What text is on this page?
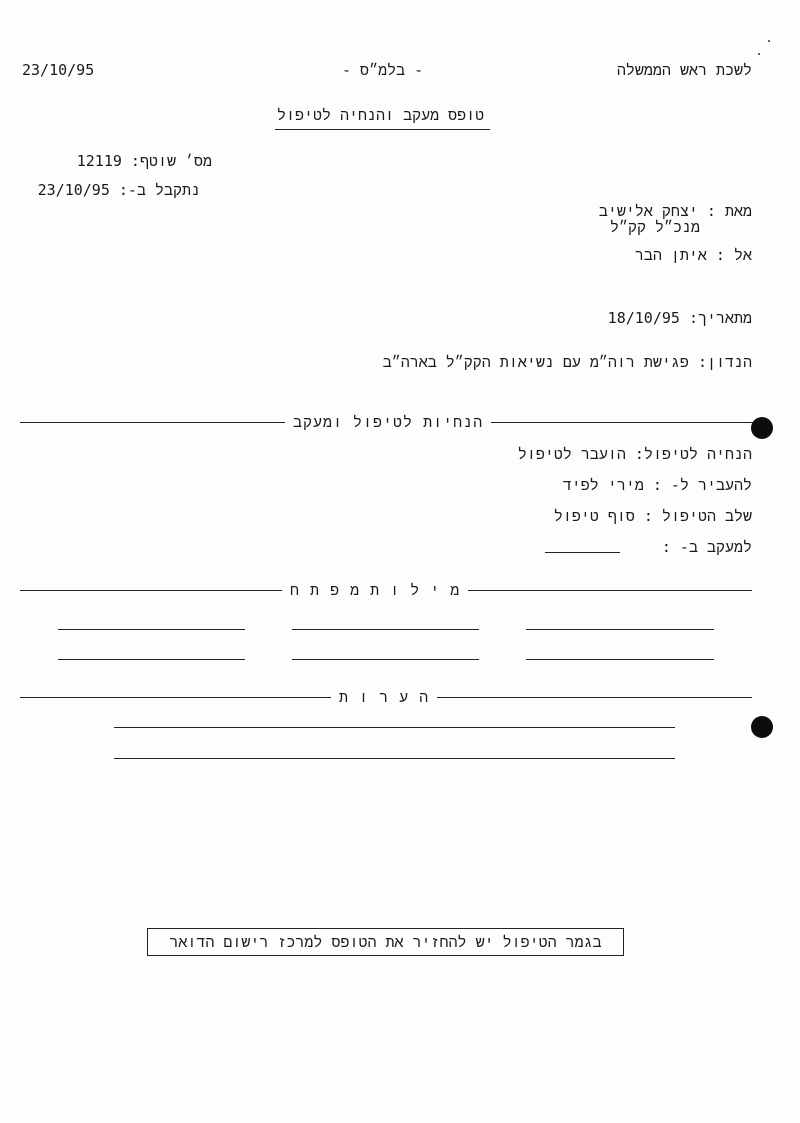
23/10/95	- בלמ״ס -	לשכת ראש הממשלה
טופס מעקב והנחיה לטיפול
מס׳ שוטף: 12119
נתקבל ב-: 23/10/95
מאת : יצחק אלישיב
מנכ״ל קק״ל
אל : איתן הבר
מתאריך: 18/10/95
הנדון: פגישת רוה״מ עם נשיאות הקק״ל בארה״ב
הנחיות לטיפול ומעקב
הנחיה לטיפול: הועבר לטיפול
להעביר ל- : מירי לפיד
שלב הטיפול : סוף טיפול
למעקב ב- :
מ י ל ו ת מ פ ת ח
ה ע ר ו ת
בגמר הטיפול יש להחזיר את הטופס למרכז רישום הדואר
